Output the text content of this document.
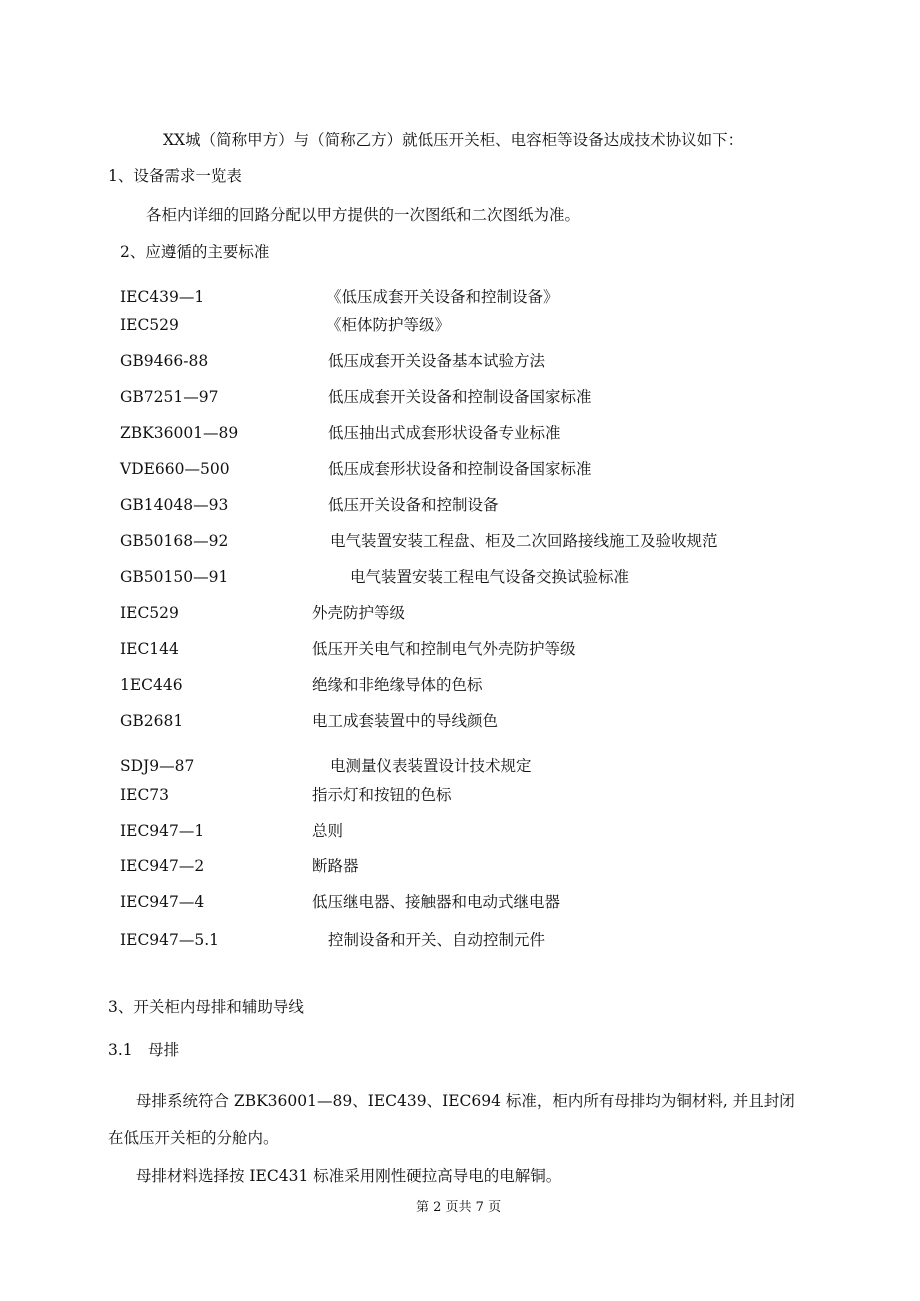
XX城（简称甲方）与（简称乙方）就低压开关柜、电容柜等设备达成技术协议如下：
1、设备需求一览表
各柜内详细的回路分配以甲方提供的一次图纸和二次图纸为准。
2、应遵循的主要标准
IEC439—1	《低压成套开关设备和控制设备》
IEC529	《柜体防护等级》
GB9466-88	低压成套开关设备基本试验方法
GB7251—97	低压成套开关设备和控制设备国家标准
ZBK36001—89	低压抽出式成套形状设备专业标准
VDE660—500	低压成套形状设备和控制设备国家标准
GB14048—93	低压开关设备和控制设备
GB50168—92	电气装置安装工程盘、柜及二次回路接线施工及验收规范
GB50150—91	电气装置安装工程电气设备交换试验标准
IEC529	外壳防护等级
IEC144	低压开关电气和控制电气外壳防护等级
1EC446	绝缘和非绝缘导体的色标
GB2681	电工成套装置中的导线颜色
SDJ9—87	电测量仪表装置设计技术规定
IEC73	指示灯和按钮的色标
IEC947—1	总则
IEC947—2	断路器
IEC947—4	低压继电器、接触器和电动式继电器
IEC947—5.1	控制设备和开关、自动控制元件
3、开关柜内母排和辅助导线
3.1　母排
母排系统符合 ZBK36001—89、IEC439、IEC694 标准，柜内所有母排均为铜材料, 并且封闭
在低压开关柜的分舱内。
母排材料选择按 IEC431 标准采用刚性硬拉高导电的电解铜。
第 2 页共 7 页
